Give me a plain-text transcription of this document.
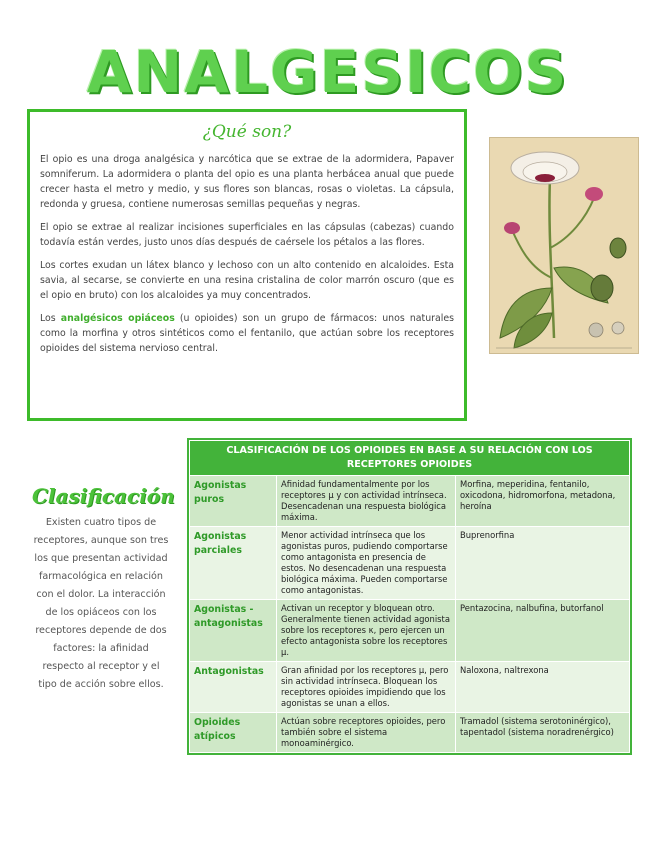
ANALGESICOS
¿Qué son?

El opio es una droga analgésica y narcótica que se extrae de la adormidera, Papaver somniferum. La adormidera o planta del opio es una planta herbácea anual que puede crecer hasta el metro y medio, y sus flores son blancas, rosas o violetas. La cápsula, redonda y gruesa, contiene numerosas semillas pequeñas y negras.

El opio se extrae al realizar incisiones superficiales en las cápsulas (cabezas) cuando todavía están verdes, justo unos días después de caérsele los pétalos a las flores.

Los cortes exudan un látex blanco y lechoso con un alto contenido en alcaloides. Esta savia, al secarse, se convierte en una resina cristalina de color marrón oscuro (que es el opio en bruto) con los alcaloides ya muy concentrados.

Los analgésicos opiáceos (u opioides) son un grupo de fármacos: unos naturales como la morfina y otros sintéticos como el fentanilo, que actúan sobre los receptores opioides del sistema nervioso central.

Clasificación

Existen cuatro tipos de receptores, aunque son tres los que presentan actividad farmacológica en relación con el dolor. La interacción de los opiáceos con los receptores depende de dos factores: la afinidad respecto al receptor y el tipo de acción sobre ellos.

CLASIFICACIÓN DE LOS OPIOIDES EN BASE A SU RELACIÓN CON LOS RECEPTORES OPIOIDES		
Agonistas puros	Afinidad fundamentalmente por los receptores µ y con actividad intrínseca. Desencadenan una respuesta biológica máxima.	Morfina, meperidina, fentanilo, oxicodona, hidromorfona, metadona, heroína
Agonistas parciales	Menor actividad intrínseca que los agonistas puros, pudiendo comportarse como antagonista en presencia de estos. No desencadenan una respuesta biológica máxima. Pueden comportarse como antagonistas.	Buprenorfina
Agonistas - antagonistas	Activan un receptor y bloquean otro. Generalmente tienen actividad agonista sobre los receptores κ, pero ejercen un efecto antagonista sobre los receptores µ.	Pentazocina, nalbufina, butorfanol
Antagonistas	Gran afinidad por los receptores µ, pero sin actividad intrínseca. Bloquean los receptores opioides impidiendo que los agonistas se unan a ellos.	Naloxona, naltrexona
Opioides atípicos	Actúan sobre receptores opioides, pero también sobre el sistema monoaminérgico.	Tramadol (sistema serotoninérgico), tapentadol (sistema noradrenérgico)
